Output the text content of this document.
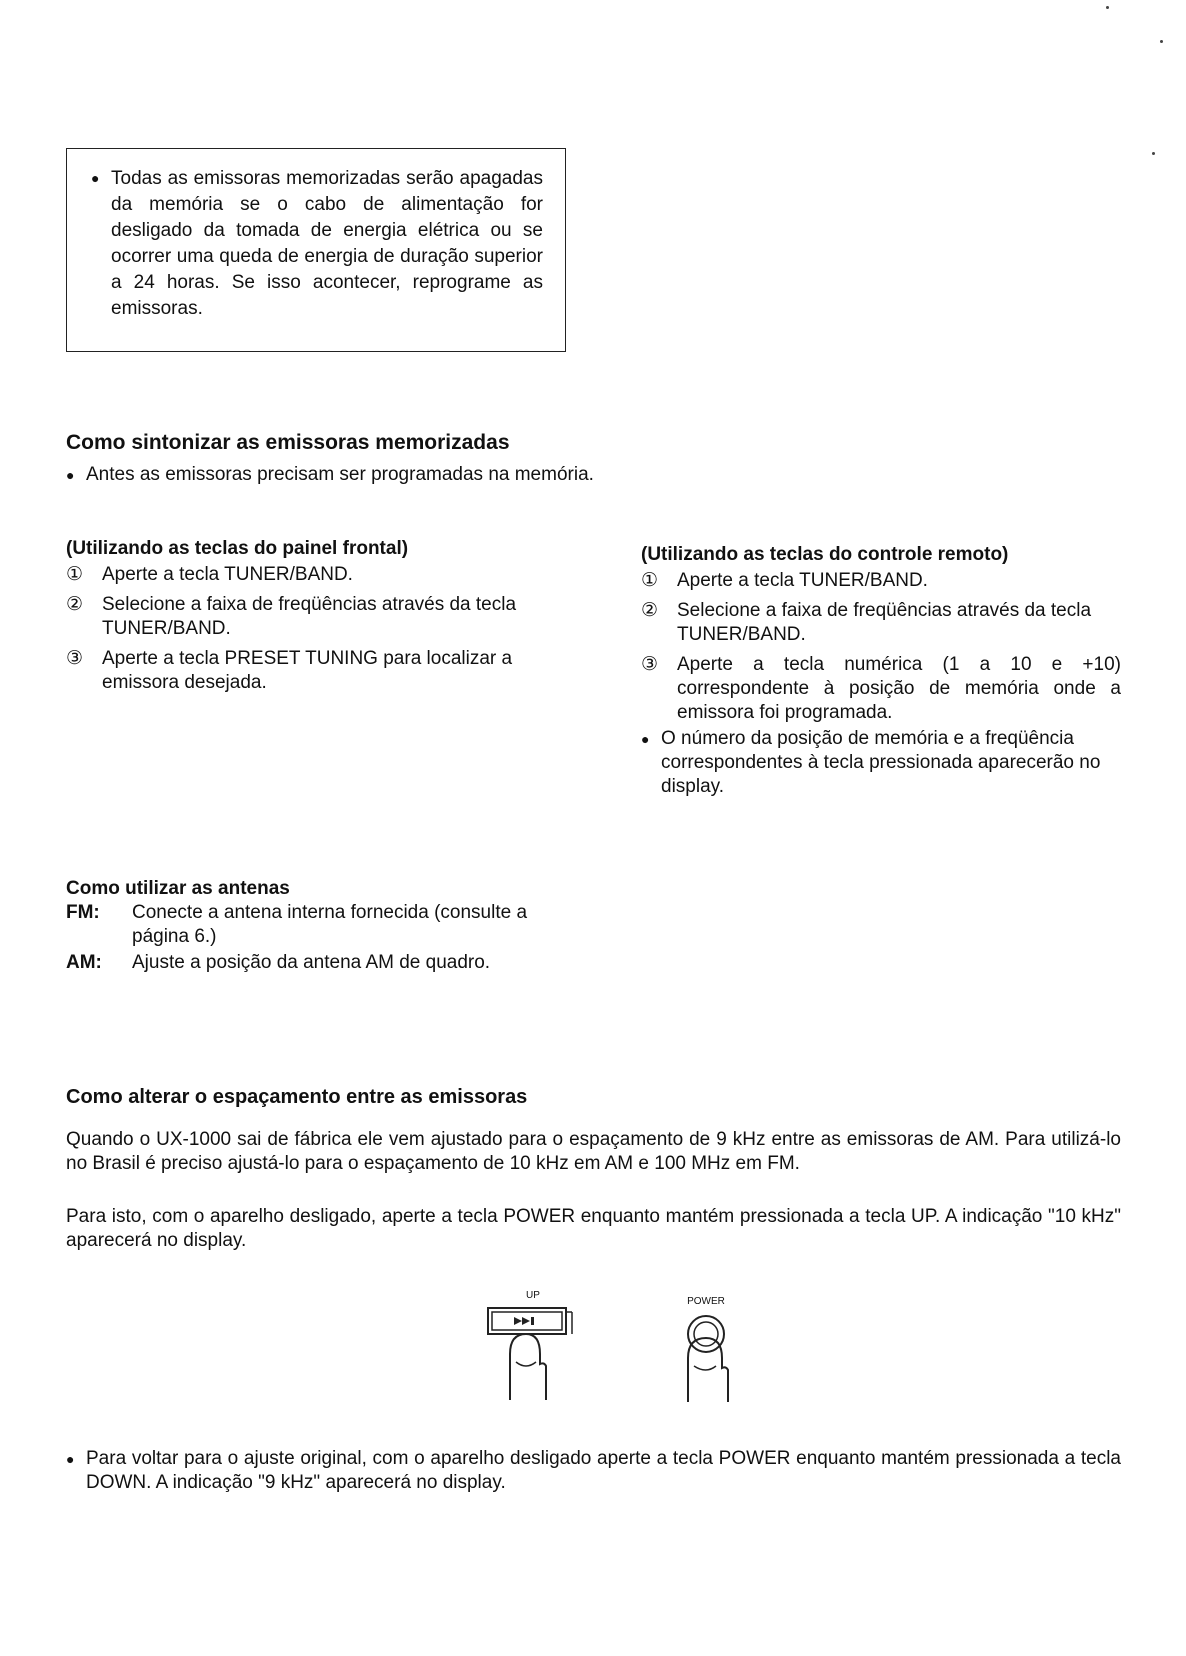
● Todas as emissoras memorizadas serão apagadas da memória se o cabo de alimentação for desligado da tomada de energia elétrica ou se ocorrer uma queda de energia de duração superior a 24 horas. Se isso acontecer, reprograme as emissoras.
Como sintonizar as emissoras memorizadas
● Antes as emissoras precisam ser programadas na memória.
(Utilizando as teclas do painel frontal)
① Aperte a tecla TUNER/BAND.
② Selecione a faixa de freqüências através da tecla TUNER/BAND.
③ Aperte a tecla PRESET TUNING para localizar a emissora desejada.
(Utilizando as teclas do controle remoto)
① Aperte a tecla TUNER/BAND.
② Selecione a faixa de freqüências através da tecla TUNER/BAND.
③ Aperte a tecla numérica (1 a 10 e +10) correspondente à posição de memória onde a emissora foi programada.
● O número da posição de memória e a freqüência correspondentes à tecla pressionada aparecerão no display.
Como utilizar as antenas
FM:	Conecte a antena interna fornecida (consulte a página 6.)
AM:	Ajuste a posição da antena AM de quadro.
Como alterar o espaçamento entre as emissoras
Quando o UX-1000 sai de fábrica ele vem ajustado para o espaçamento de 9 kHz entre as emissoras de AM. Para utilizá-lo no Brasil é preciso ajustá-lo para o espaçamento de 10 kHz em AM e 100 MHz em FM.
Para isto, com o aparelho desligado, aperte a tecla POWER enquanto mantém pressionada a tecla UP. A indicação "10 kHz" aparecerá no display.
UP
POWER
● Para voltar para o ajuste original, com o aparelho desligado aperte a tecla POWER enquanto mantém pressionada a tecla DOWN. A indicação "9 kHz" aparecerá no display.
